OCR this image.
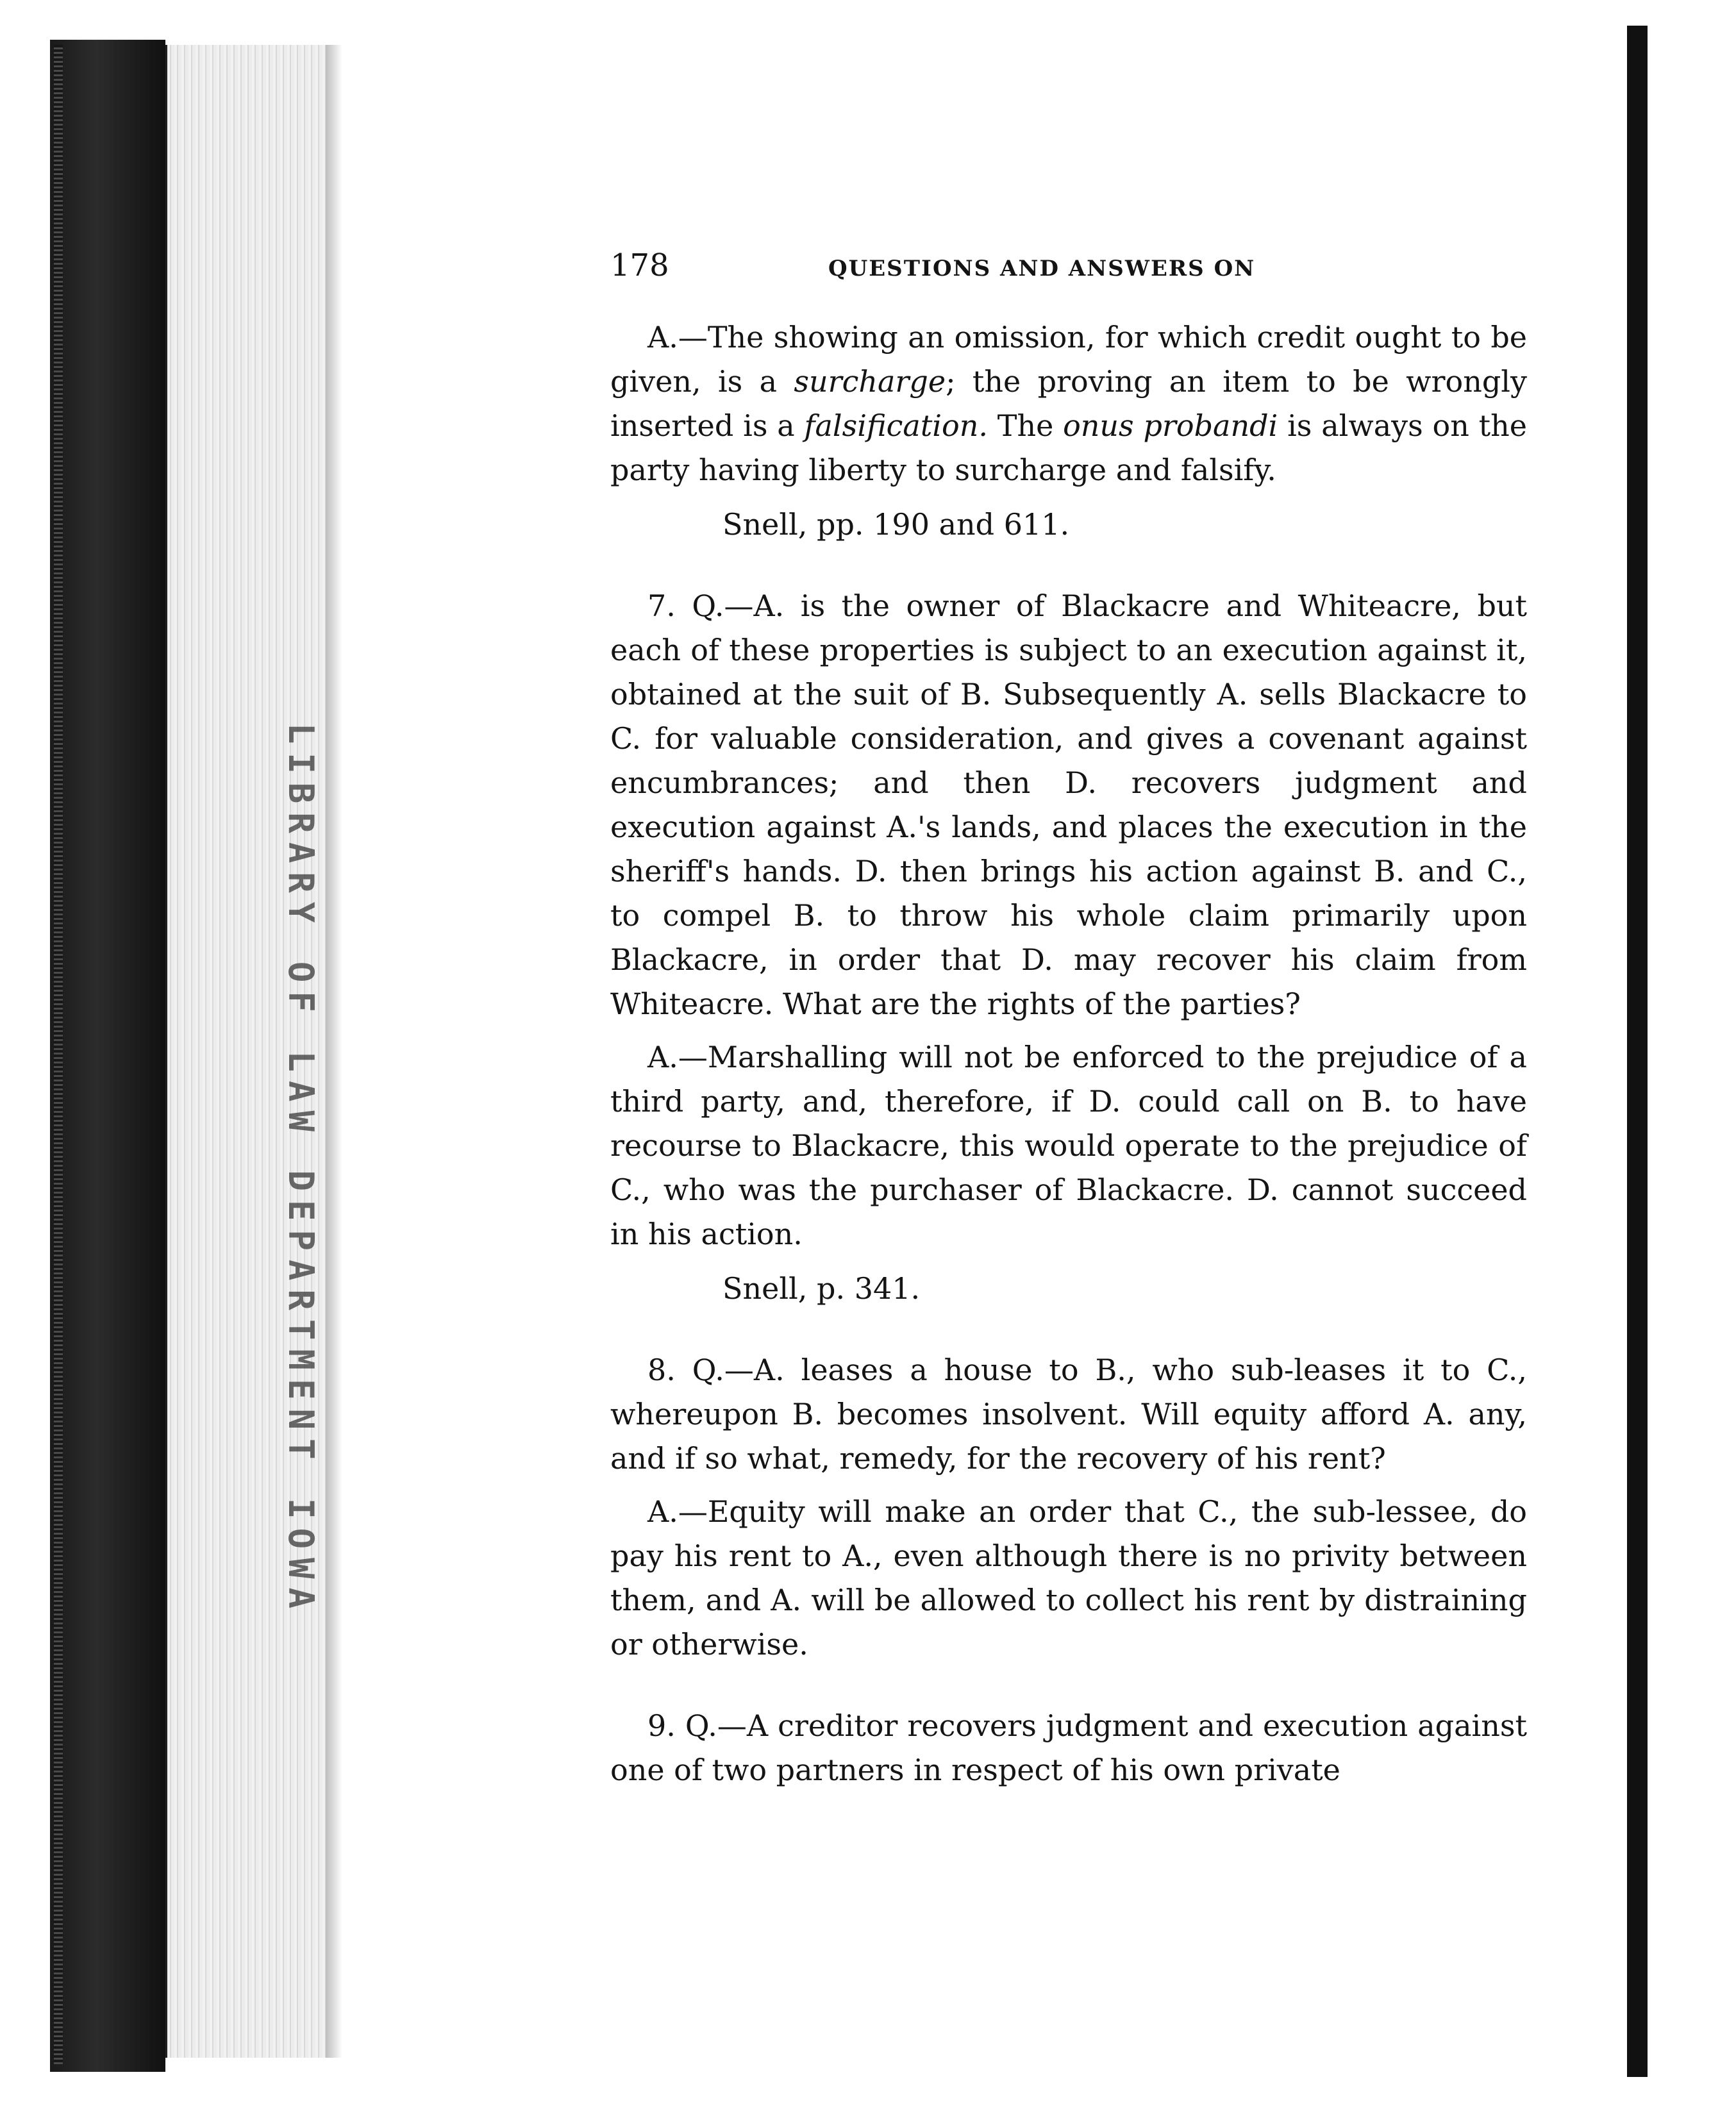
LIBRARY OF LAW DEPARTMENT IOWA
178	QUESTIONS AND ANSWERS ON

A.—The showing an omission, for which credit ought to be given, is a surcharge; the proving an item to be wrongly inserted is a falsification. The onus probandi is always on the party having liberty to surcharge and falsify.

Snell, pp. 190 and 611.

7. Q.—A. is the owner of Blackacre and Whiteacre, but each of these properties is subject to an execution against it, obtained at the suit of B. Subsequently A. sells Blackacre to C. for valuable consideration, and gives a covenant against encumbrances; and then D. recovers judgment and execution against A.'s lands, and places the execution in the sheriff's hands. D. then brings his action against B. and C., to compel B. to throw his whole claim primarily upon Blackacre, in order that D. may recover his claim from Whiteacre. What are the rights of the parties?

A.—Marshalling will not be enforced to the prejudice of a third party, and, therefore, if D. could call on B. to have recourse to Blackacre, this would operate to the prejudice of C., who was the purchaser of Blackacre. D. cannot succeed in his action.

Snell, p. 341.

8. Q.—A. leases a house to B., who sub-leases it to C., whereupon B. becomes insolvent. Will equity afford A. any, and if so what, remedy, for the recovery of his rent?

A.—Equity will make an order that C., the sub-lessee, do pay his rent to A., even although there is no privity between them, and A. will be allowed to collect his rent by distraining or otherwise.

9. Q.—A creditor recovers judgment and execution against one of two partners in respect of his own private
